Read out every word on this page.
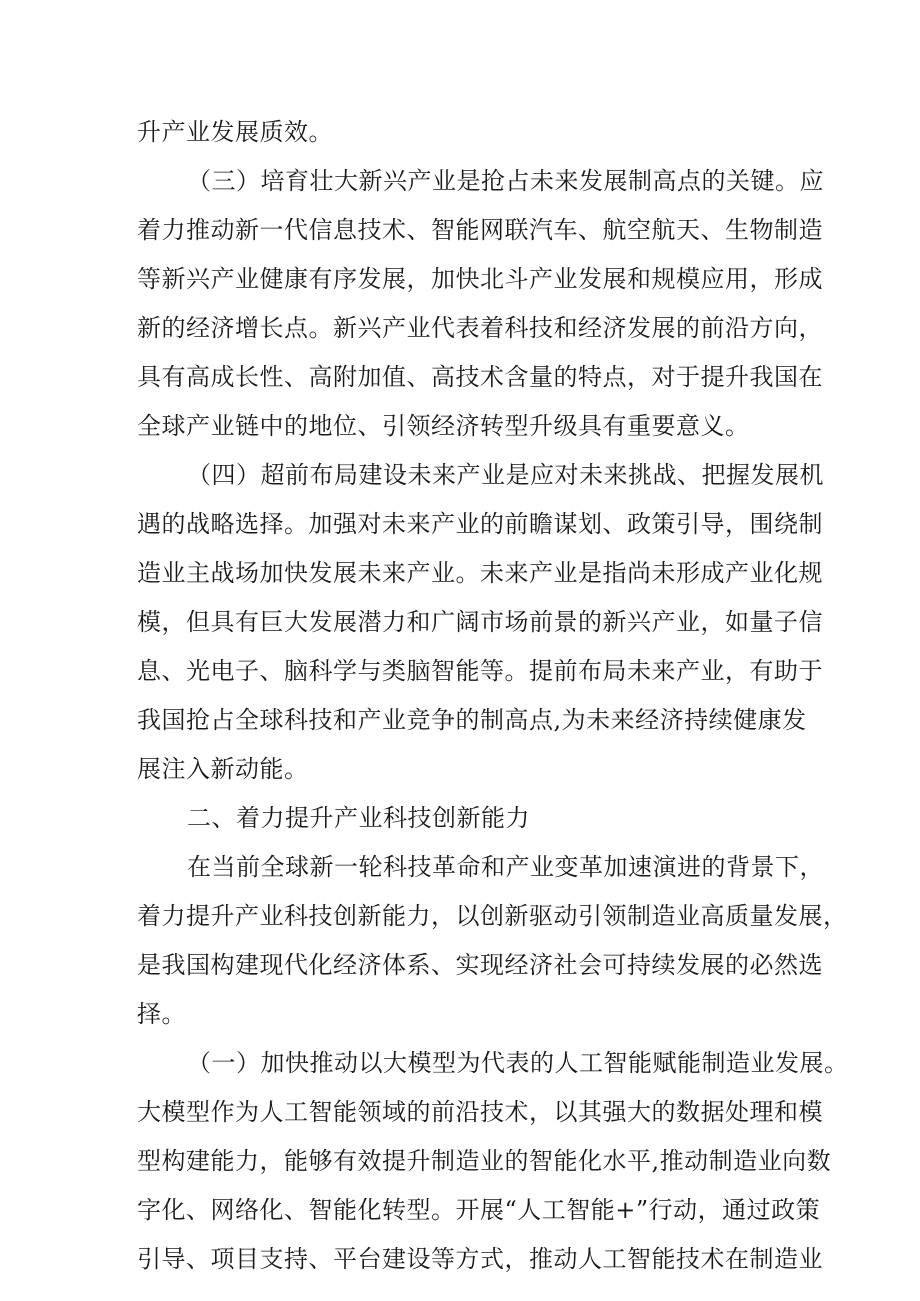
升产业发展质效。
（三）培育壮大新兴产业是抢占未来发展制高点的关键。应
着力推动新一代信息技术、智能网联汽车、航空航天、生物制造
等新兴产业健康有序发展，加快北斗产业发展和规模应用，形成
新的经济增长点。新兴产业代表着科技和经济发展的前沿方向，
具有高成长性、高附加值、高技术含量的特点，对于提升我国在
全球产业链中的地位、引领经济转型升级具有重要意义。
（四）超前布局建设未来产业是应对未来挑战、把握发展机
遇的战略选择。加强对未来产业的前瞻谋划、政策引导，围绕制
造业主战场加快发展未来产业。未来产业是指尚未形成产业化规
模，但具有巨大发展潜力和广阔市场前景的新兴产业，如量子信
息、光电子、脑科学与类脑智能等。提前布局未来产业，有助于
我国抢占全球科技和产业竞争的制高点,为未来经济持续健康发
展注入新动能。
二、着力提升产业科技创新能力
在当前全球新一轮科技革命和产业变革加速演进的背景下，
着力提升产业科技创新能力，以创新驱动引领制造业高质量发展，
是我国构建现代化经济体系、实现经济社会可持续发展的必然选
择。
（一）加快推动以大模型为代表的人工智能赋能制造业发展。
大模型作为人工智能领域的前沿技术，以其强大的数据处理和模
型构建能力，能够有效提升制造业的智能化水平,推动制造业向数
字化、网络化、智能化转型。开展“人工智能+”行动，通过政策
引导、项目支持、平台建设等方式，推动人工智能技术在制造业
